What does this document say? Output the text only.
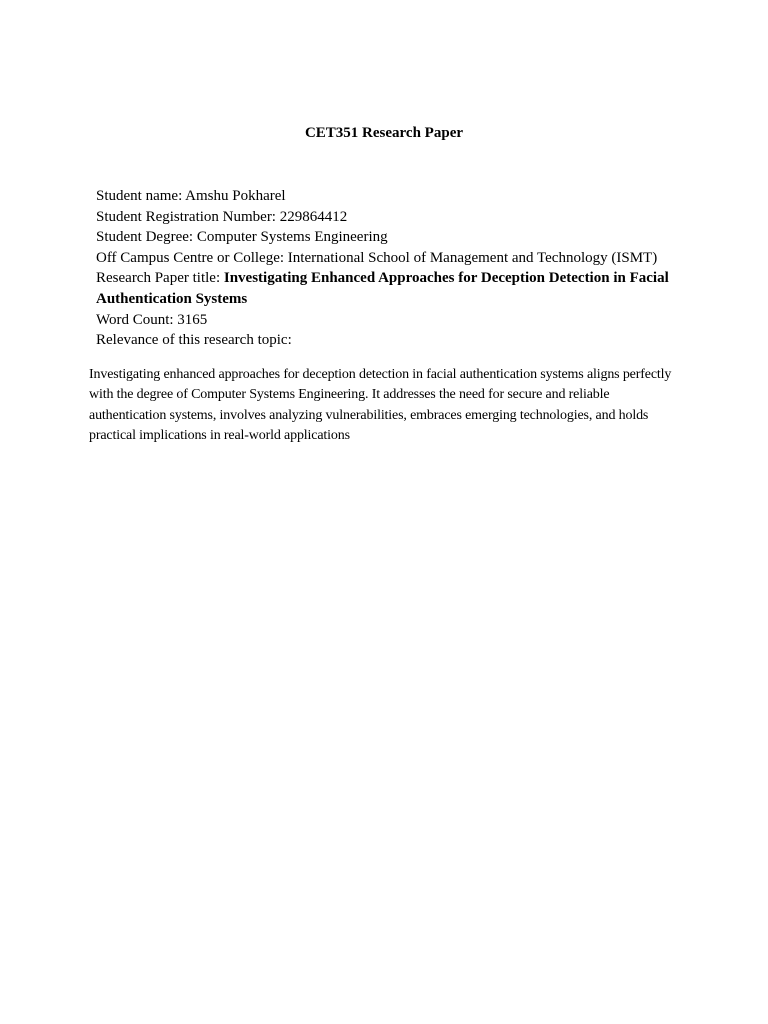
CET351 Research Paper
Student name: Amshu Pokharel
Student Registration Number: 229864412
Student Degree: Computer Systems Engineering
Off Campus Centre or College: International School of Management and Technology (ISMT)
Research Paper title: Investigating Enhanced Approaches for Deception Detection in Facial Authentication Systems
Word Count: 3165
Relevance of this research topic:
Investigating enhanced approaches for deception detection in facial authentication systems aligns perfectly with the degree of Computer Systems Engineering. It addresses the need for secure and reliable authentication systems, involves analyzing vulnerabilities, embraces emerging technologies, and holds practical implications in real-world applications
